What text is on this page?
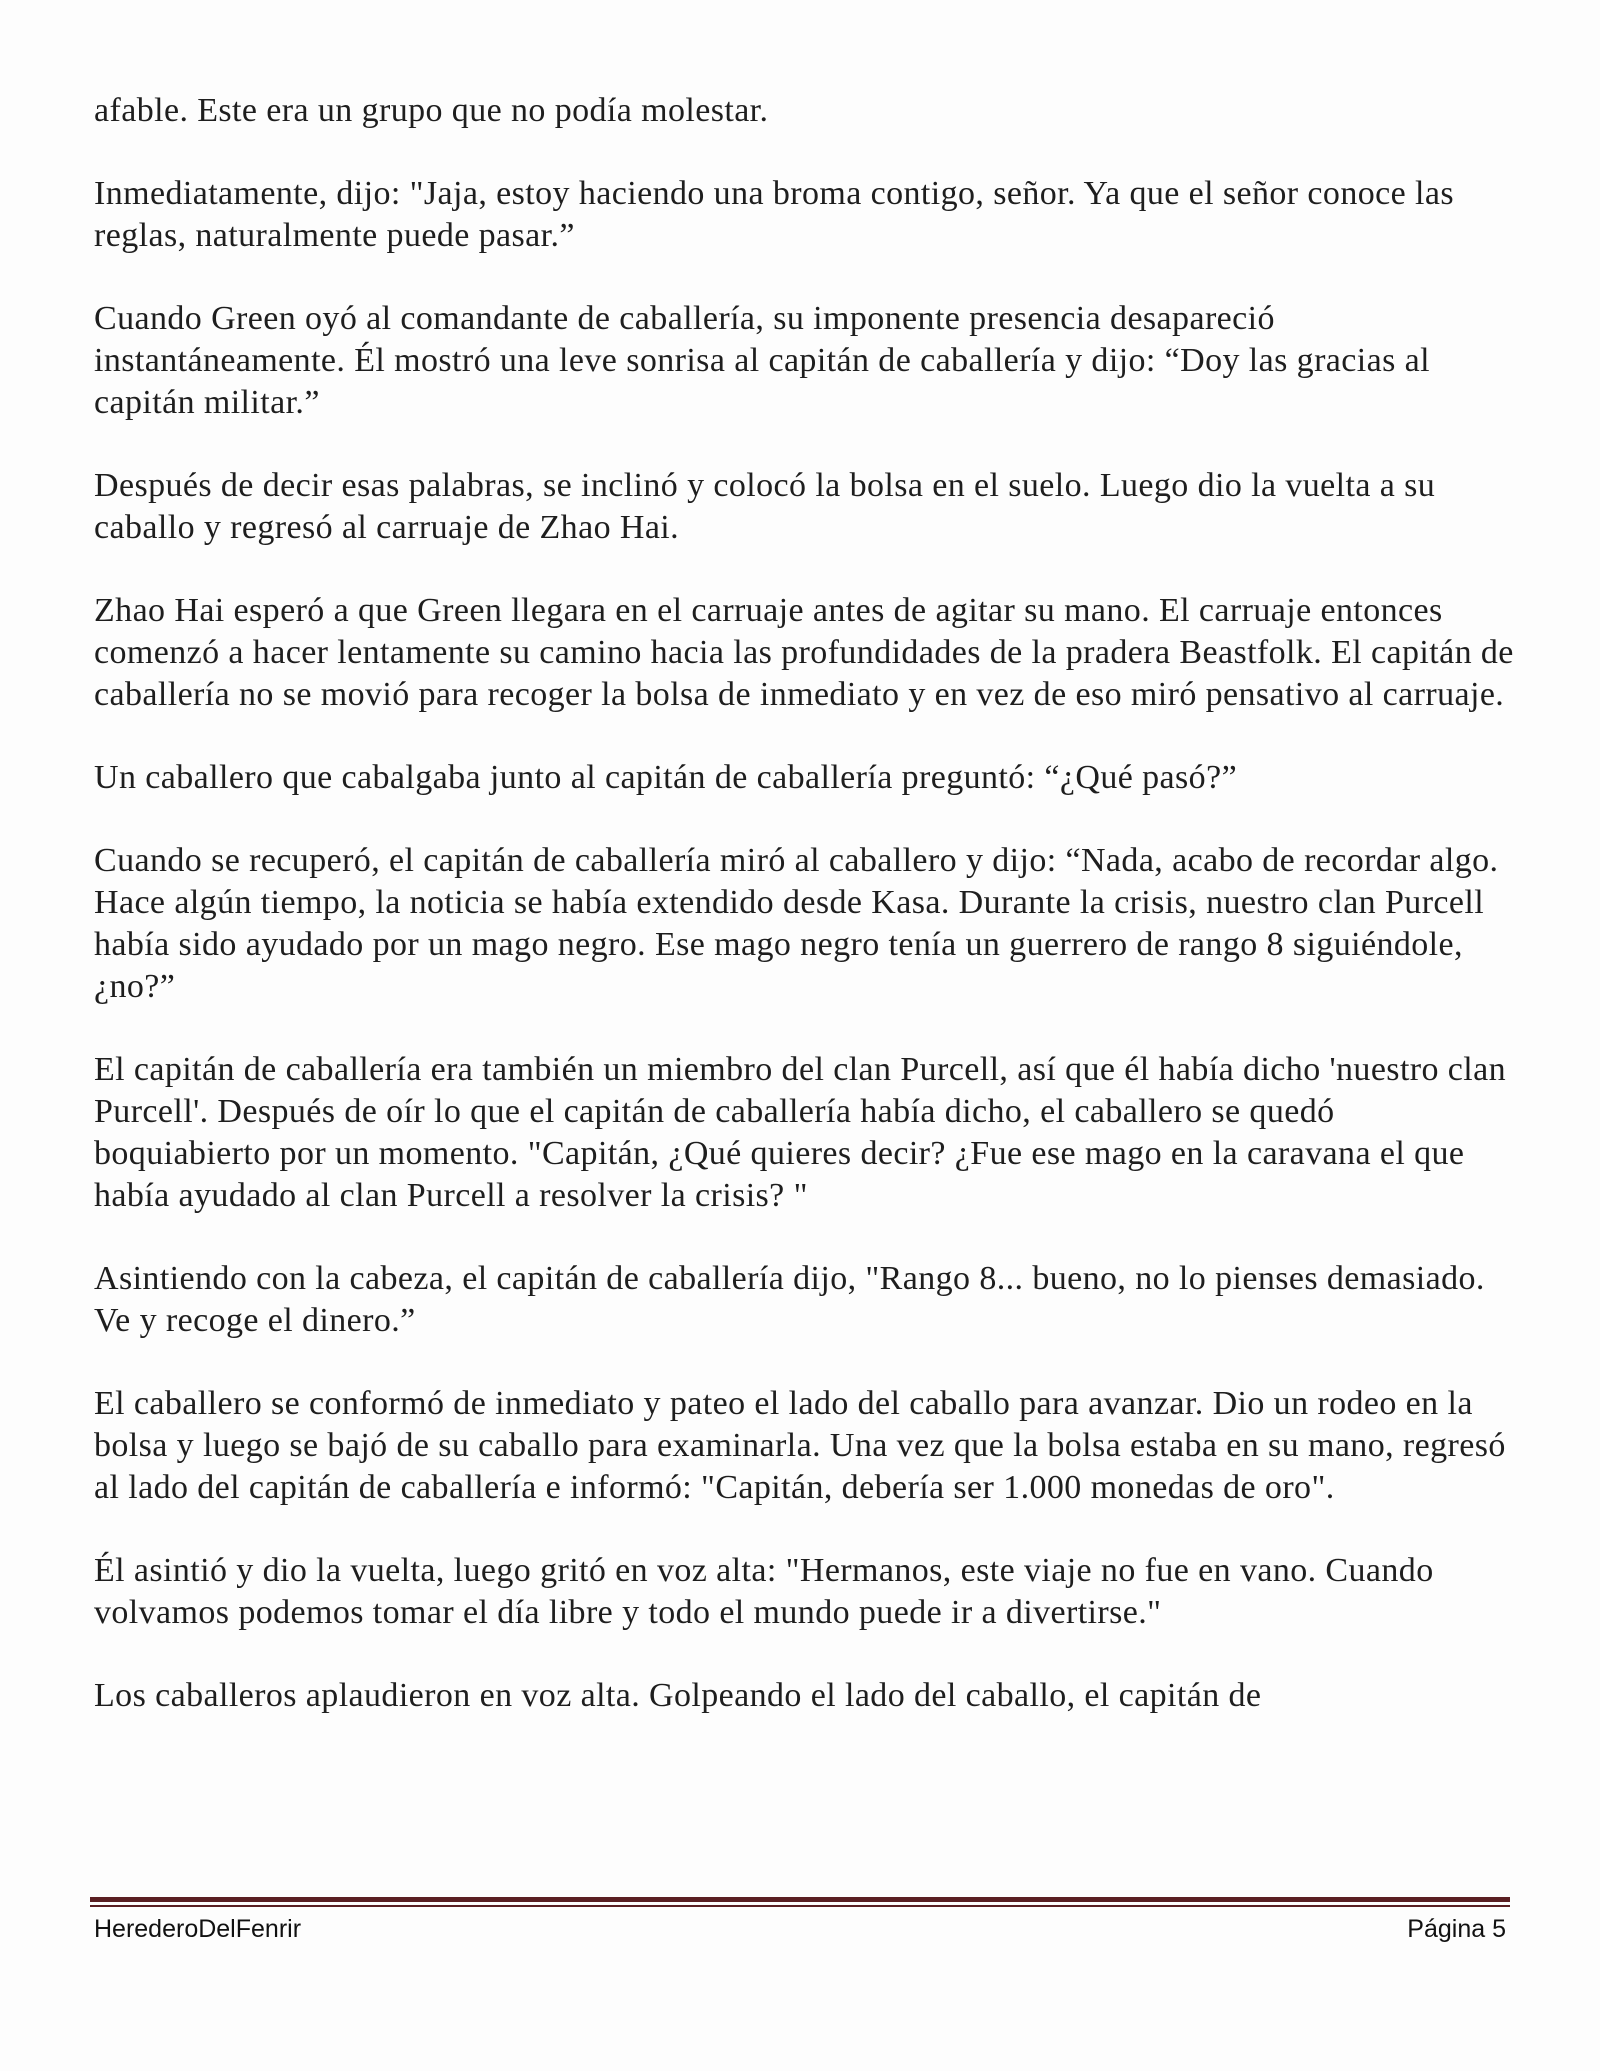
afable. Este era un grupo que no podía molestar.

Inmediatamente, dijo: "Jaja, estoy haciendo una broma contigo, señor. Ya que el señor conoce las reglas, naturalmente puede pasar.”

Cuando Green oyó al comandante de caballería, su imponente presencia desapareció instantáneamente. Él mostró una leve sonrisa al capitán de caballería y dijo: “Doy las gracias al capitán militar.”

Después de decir esas palabras, se inclinó y colocó la bolsa en el suelo. Luego dio la vuelta a su caballo y regresó al carruaje de Zhao Hai.

Zhao Hai esperó a que Green llegara en el carruaje antes de agitar su mano. El carruaje entonces comenzó a hacer lentamente su camino hacia las profundidades de la pradera Beastfolk. El capitán de caballería no se movió para recoger la bolsa de inmediato y en vez de eso miró pensativo al carruaje.

Un caballero que cabalgaba junto al capitán de caballería preguntó: “¿Qué pasó?”

Cuando se recuperó, el capitán de caballería miró al caballero y dijo: “Nada, acabo de recordar algo. Hace algún tiempo, la noticia se había extendido desde Kasa. Durante la crisis, nuestro clan Purcell había sido ayudado por un mago negro. Ese mago negro tenía un guerrero de rango 8 siguiéndole, ¿no?”

El capitán de caballería era también un miembro del clan Purcell, así que él había dicho 'nuestro clan Purcell'. Después de oír lo que el capitán de caballería había dicho, el caballero se quedó boquiabierto por un momento. "Capitán, ¿Qué quieres decir? ¿Fue ese mago en la caravana el que había ayudado al clan Purcell a resolver la crisis? "

Asintiendo con la cabeza, el capitán de caballería dijo, "Rango 8... bueno, no lo pienses demasiado. Ve y recoge el dinero.”

El caballero se conformó de inmediato y pateo el lado del caballo para avanzar. Dio un rodeo en la bolsa y luego se bajó de su caballo para examinarla. Una vez que la bolsa estaba en su mano, regresó al lado del capitán de caballería e informó: "Capitán, debería ser 1.000 monedas de oro".

Él asintió y dio la vuelta, luego gritó en voz alta: "Hermanos, este viaje no fue en vano. Cuando volvamos podemos tomar el día libre y todo el mundo puede ir a divertirse."

Los caballeros aplaudieron en voz alta. Golpeando el lado del caballo, el capitán de

HerederoDelFenrir	Página 5
